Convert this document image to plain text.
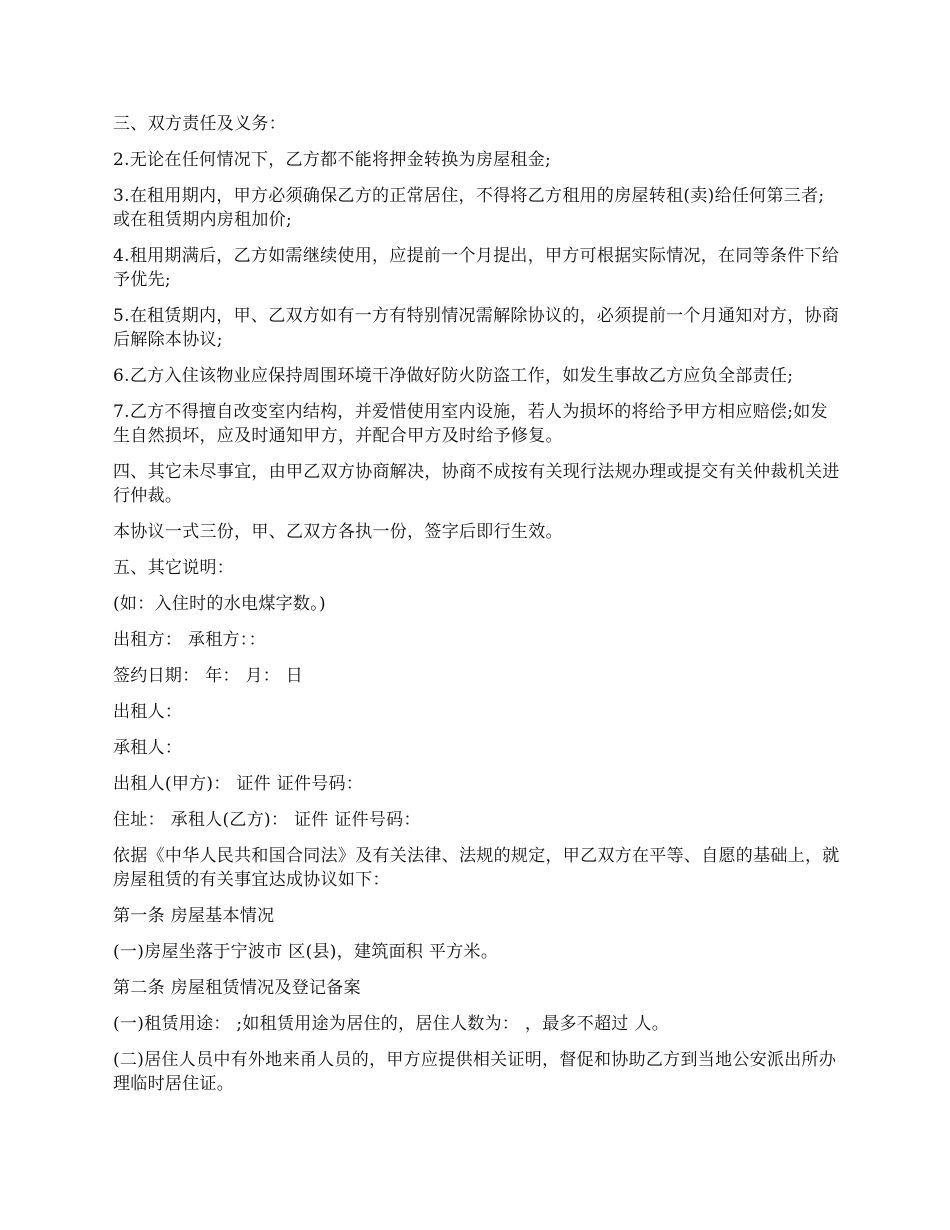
三、双方责任及义务：

2.无论在任何情况下，乙方都不能将押金转换为房屋租金;

3.在租用期内，甲方必须确保乙方的正常居住，不得将乙方租用的房屋转租(卖)给任何第三者;或在租赁期内房租加价;

4.租用期满后，乙方如需继续使用，应提前一个月提出，甲方可根据实际情况，在同等条件下给予优先;

5.在租赁期内，甲、乙双方如有一方有特别情况需解除协议的，必须提前一个月通知对方，协商后解除本协议;

6.乙方入住该物业应保持周围环境干净做好防火防盗工作，如发生事故乙方应负全部责任;

7.乙方不得擅自改变室内结构，并爱惜使用室内设施，若人为损坏的将给予甲方相应赔偿;如发生自然损坏，应及时通知甲方，并配合甲方及时给予修复。

四、其它未尽事宜，由甲乙双方协商解决，协商不成按有关现行法规办理或提交有关仲裁机关进行仲裁。

本协议一式三份，甲、乙双方各执一份，签字后即行生效。

五、其它说明：

(如：入住时的水电煤字数。)

出租方： 承租方：：

签约日期： 年： 月： 日

出租人：

承租人：

出租人(甲方)： 证件 证件号码：

住址： 承租人(乙方)： 证件 证件号码：

依据《中华人民共和国合同法》及有关法律、法规的规定，甲乙双方在平等、自愿的基础上，就房屋租赁的有关事宜达成协议如下：

第一条 房屋基本情况

(一)房屋坐落于宁波市 区(县)，建筑面积 平方米。

第二条 房屋租赁情况及登记备案

(一)租赁用途： ;如租赁用途为居住的，居住人数为： ，最多不超过 人。

(二)居住人员中有外地来甬人员的，甲方应提供相关证明，督促和协助乙方到当地公安派出所办理临时居住证。
